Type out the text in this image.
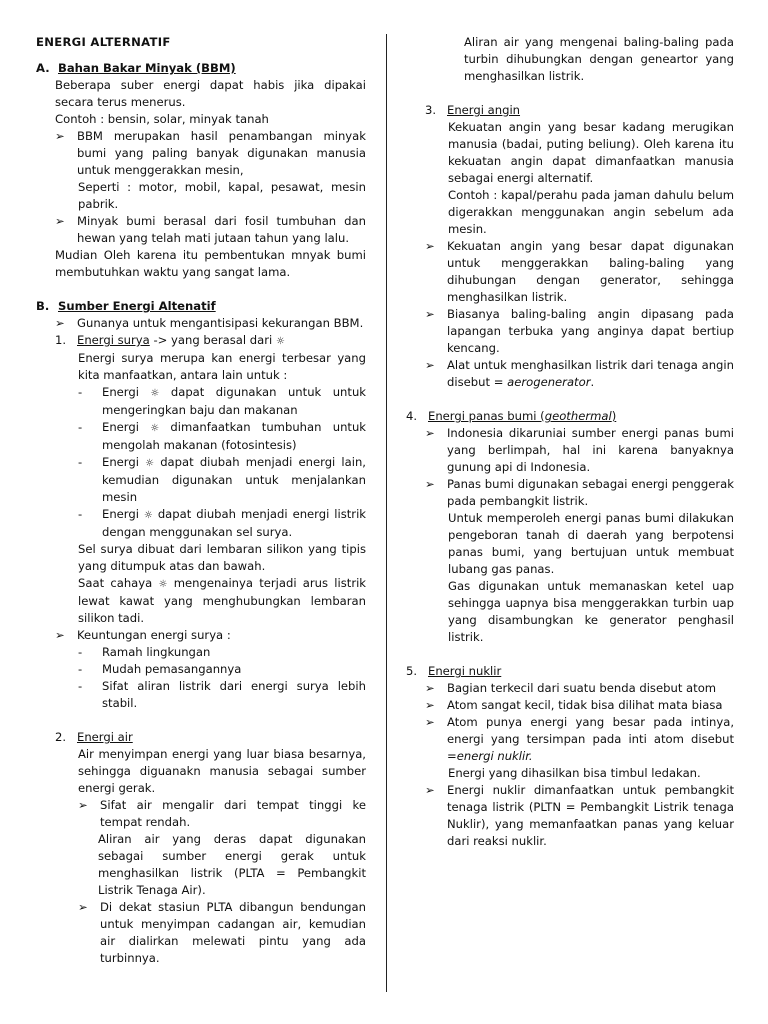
ENERGI ALTERNATIF

A. Bahan Bakar Minyak (BBM)

Beberapa suber energi dapat habis jika dipakai secara terus menerus.

Contoh : bensin, solar, minyak tanah

➢	BBM merupakan hasil penambangan minyak bumi yang paling banyak digunakan manusia untuk menggerakkan mesin,

Seperti : motor, mobil, kapal, pesawat, mesin pabrik.

➢	Minyak bumi berasal dari fosil tumbuhan dan hewan yang telah mati jutaan tahun yang lalu.

Mudian Oleh karena itu pembentukan mnyak bumi membutuhkan waktu yang sangat lama.

B. Sumber Energi Altenatif
➢	Gunanya untuk mengantisipasi kekurangan BBM.
1. Energi surya -> yang berasal dari ☼

Energi surya merupa kan energi terbesar yang kita manfaatkan, antara lain untuk :

-	Energi ☼ dapat digunakan untuk untuk mengeringkan baju dan makanan
-	Energi ☼ dimanfaatkan tumbuhan untuk mengolah makanan (fotosintesis)
-	Energi ☼ dapat diubah menjadi energi lain, kemudian digunakan untuk menjalankan mesin
-	Energi ☼ dapat diubah menjadi energi listrik dengan menggunakan sel surya.

Sel surya dibuat dari lembaran silikon yang tipis yang ditumpuk atas dan bawah.

Saat cahaya ☼ mengenainya terjadi arus listrik lewat kawat yang menghubungkan lembaran silikon tadi.

➢	Keuntungan energi surya :
-	Ramah lingkungan
-	Mudah pemasangannya
-	Sifat aliran listrik dari energi surya lebih stabil.
2. Energi air

Air menyimpan energi yang luar biasa besarnya, sehingga diguanakn manusia sebagai sumber energi gerak.

➢	Sifat air mengalir dari tempat tinggi ke tempat rendah.

Aliran air yang deras dapat digunakan sebagai sumber energi gerak untuk menghasilkan listrik (PLTA = Pembangkit Listrik Tenaga Air).

➢	Di dekat stasiun PLTA dibangun bendungan untuk menyimpan cadangan air, kemudian air dialirkan melewati pintu yang ada turbinnya.

Aliran air yang mengenai baling-baling pada turbin dihubungkan dengan geneartor yang menghasilkan listrik.

3. Energi angin

Kekuatan angin yang besar kadang merugikan manusia (badai, puting beliung). Oleh karena itu kekuatan angin dapat dimanfaatkan manusia sebagai energi alternatif.

Contoh : kapal/perahu pada jaman dahulu belum digerakkan menggunakan angin sebelum ada mesin.

➢	Kekuatan angin yang besar dapat digunakan untuk menggerakkan baling-baling yang dihubungan dengan generator, sehingga menghasilkan listrik.
➢	Biasanya baling-baling angin dipasang pada lapangan terbuka yang anginya dapat bertiup kencang.
➢	Alat untuk menghasilkan listrik dari tenaga angin disebut = aerogenerator.
4. Energi panas bumi (geothermal)
➢	Indonesia dikaruniai sumber energi panas bumi yang berlimpah, hal ini karena banyaknya gunung api di Indonesia.
➢	Panas bumi digunakan sebagai energi penggerak pada pembangkit listrik.

Untuk memperoleh energi panas bumi dilakukan pengeboran tanah di daerah yang berpotensi panas bumi, yang bertujuan untuk membuat lubang gas panas.

Gas digunakan untuk memanaskan ketel uap sehingga uapnya bisa menggerakkan turbin uap yang disambungkan ke generator penghasil listrik.

5. Energi nuklir
➢	Bagian terkecil dari suatu benda disebut atom
➢	Atom sangat kecil, tidak bisa dilihat mata biasa
➢	Atom punya energi yang besar pada intinya, energi yang tersimpan pada inti atom disebut =energi nuklir.

Energi yang dihasilkan bisa timbul ledakan.

➢	Energi nuklir dimanfaatkan untuk pembangkit tenaga listrik (PLTN = Pembangkit Listrik tenaga Nuklir), yang memanfaatkan panas yang keluar dari reaksi nuklir.
